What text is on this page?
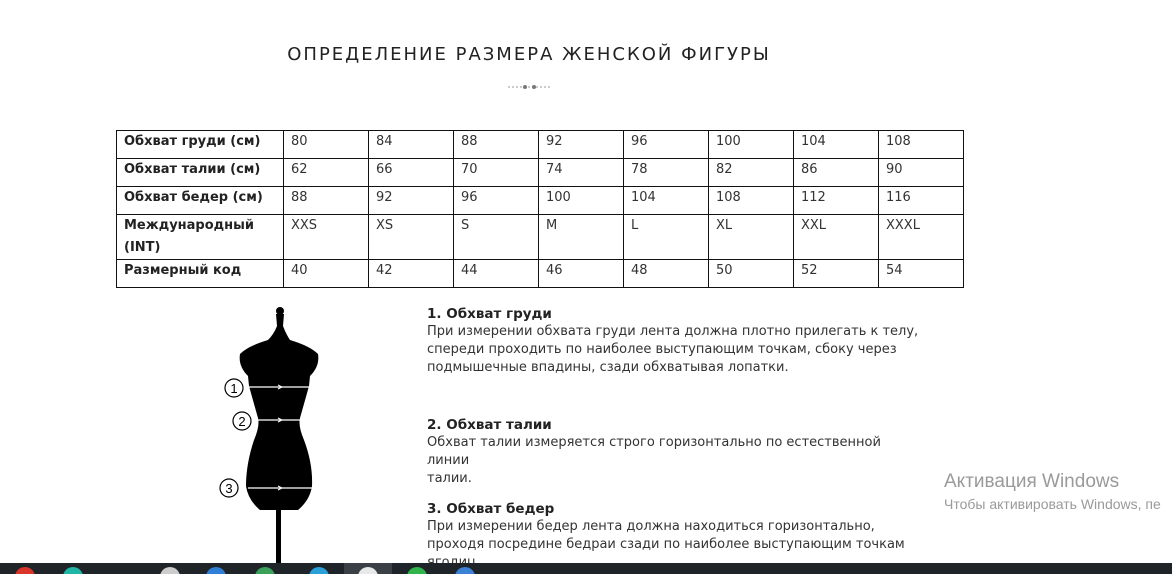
ОПРЕДЕЛЕНИЕ РАЗМЕРА ЖЕНСКОЙ ФИГУРЫ
Обхват груди (см)	80	84	88	92	96	100	104	108
Обхват талии (см)	62	66	70	74	78	82	86	90
Обхват бедер (см)	88	92	96	100	104	108	112	116
Международный (INT)	XXS	XS	S	M	L	XL	XXL	XXXL
Размерный код	40	42	44	46	48	50	52	54
1
2
3
1. Обхват груди
При измерении обхвата груди лента должна плотно прилегать к телу,
спереди проходить по наиболее выступающим точкам, сбоку через
подмышечные впадины, сзади обхватывая лопатки.
2. Обхват талии
Обхват талии измеряется строго горизонтально по естественной линии
талии.
3. Обхват бедер
При измерении бедер лента должна находиться горизонтально,
проходя посредине бедраи сзади по наиболее выступающим точкам
Активация Windows
Чтобы активировать Windows, пе
